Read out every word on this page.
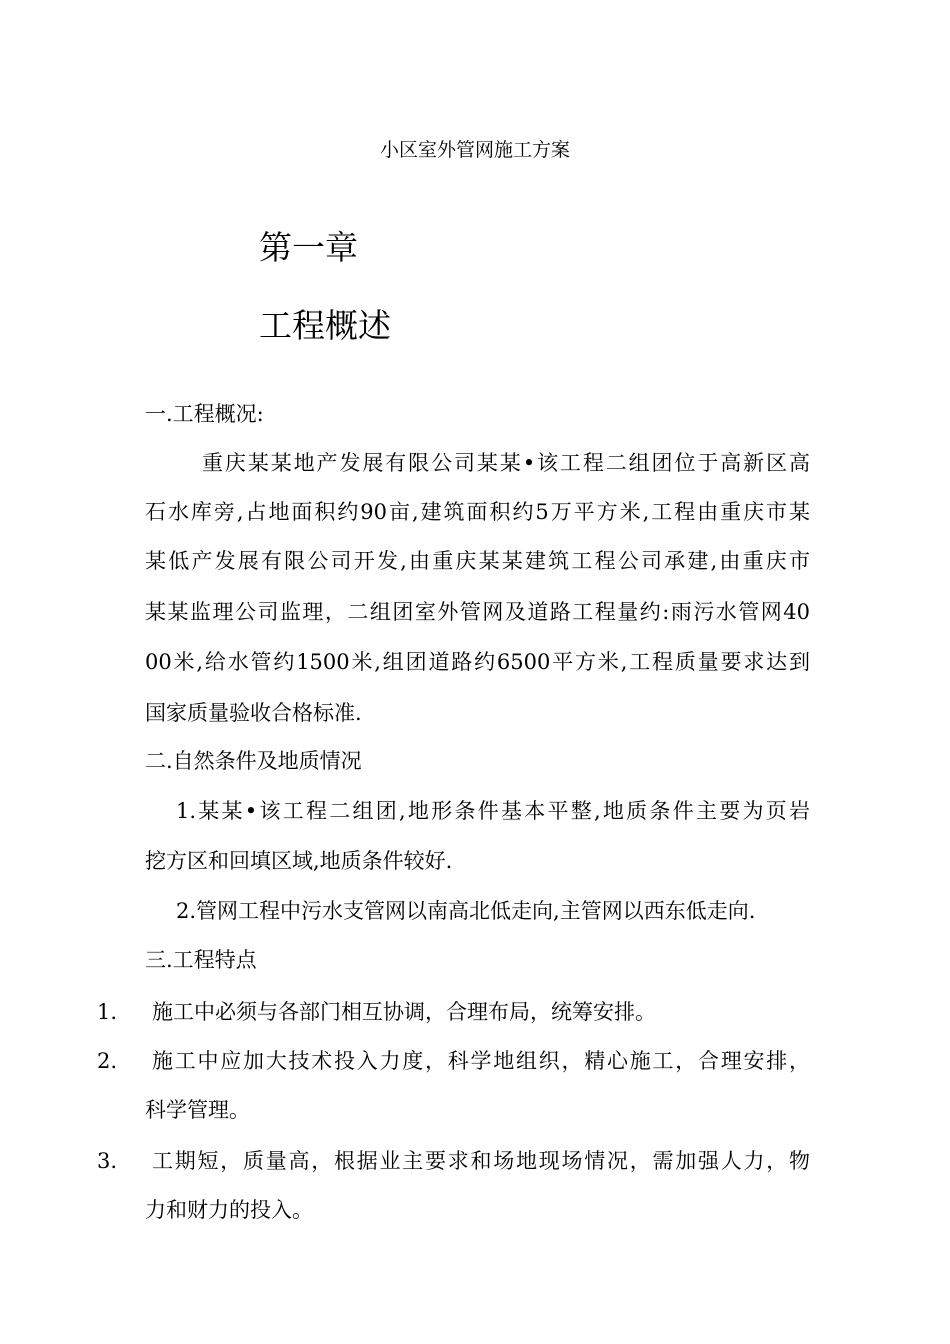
小区室外管网施工方案

第一章
工程概述

一.工程概况:

重庆某某地产发展有限公司某某•该工程二组团位于高新区高

石水库旁,占地面积约90亩,建筑面积约5万平方米,工程由重庆市某

某低产发展有限公司开发,由重庆某某建筑工程公司承建,由重庆市

某某监理公司监理，二组团室外管网及道路工程量约:雨污水管网40

00米,给水管约1500米,组团道路约6500平方米,工程质量要求达到

国家质量验收合格标准.

二.自然条件及地质情况

1.某某•该工程二组团,地形条件基本平整,地质条件主要为页岩

挖方区和回填区域,地质条件较好.

2.管网工程中污水支管网以南高北低走向,主管网以西东低走向.

三.工程特点

1. 施工中必须与各部门相互协调，合理布局，统筹安排。

2. 施工中应加大技术投入力度，科学地组织，精心施工，合理安排，

科学管理。

3. 工期短，质量高，根据业主要求和场地现场情况，需加强人力，物

力和财力的投入。
